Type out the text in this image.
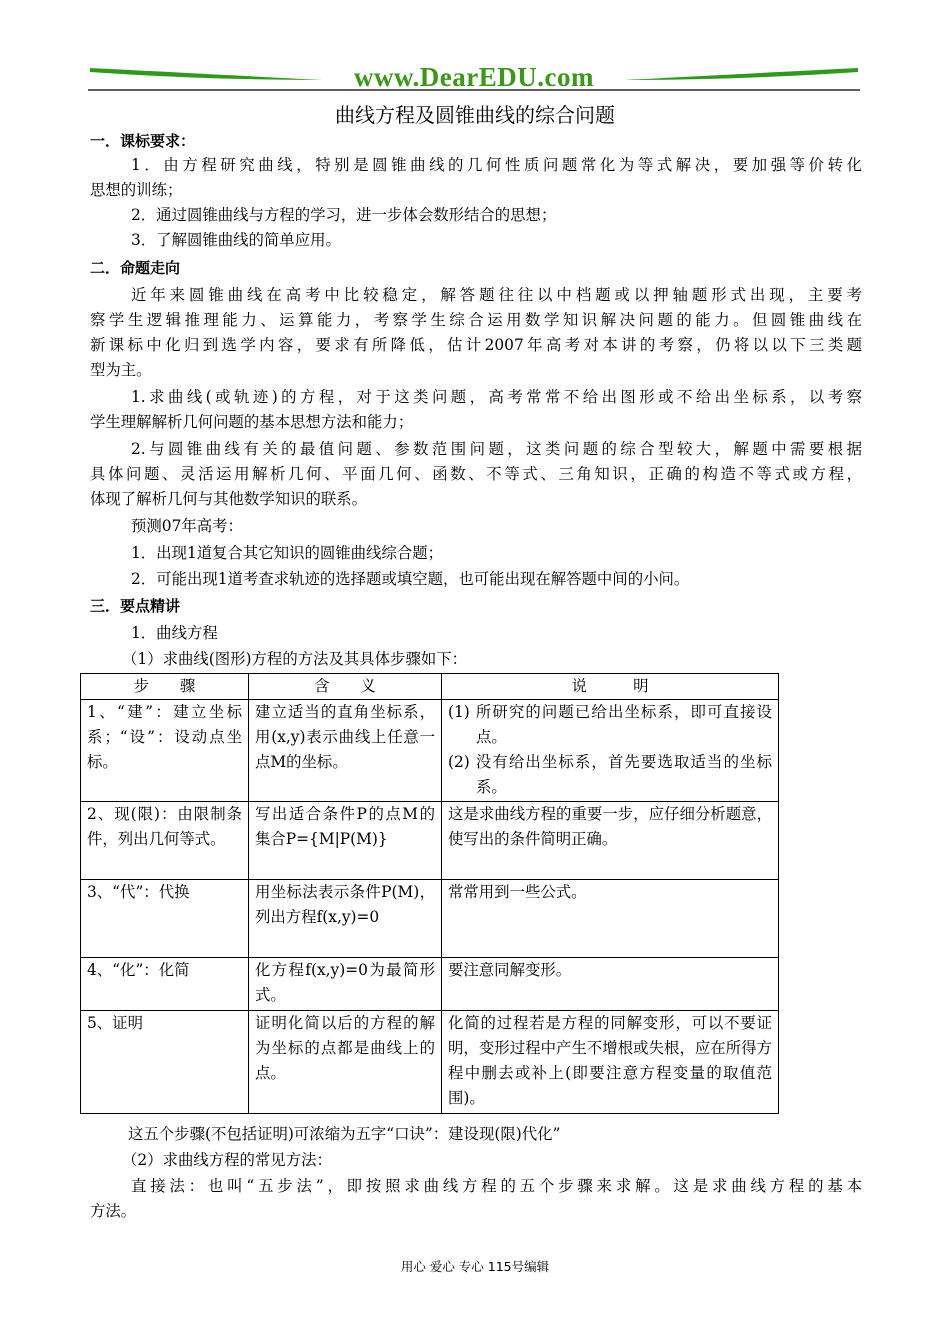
www.DearEDU.com
曲线方程及圆锥曲线的综合问题

一．课标要求：

1．由方程研究曲线，特别是圆锥曲线的几何性质问题常化为等式解决，要加强等价转化

思想的训练；

2．通过圆锥曲线与方程的学习，进一步体会数形结合的思想；

3．了解圆锥曲线的简单应用。

二．命题走向

近年来圆锥曲线在高考中比较稳定，解答题往往以中档题或以押轴题形式出现，主要考

察学生逻辑推理能力、运算能力，考察学生综合运用数学知识解决问题的能力。但圆锥曲线在

新课标中化归到选学内容，要求有所降低，估计2007年高考对本讲的考察，仍将以以下三类题

型为主。

1.求曲线(或轨迹)的方程，对于这类问题，高考常常不给出图形或不给出坐标系，以考察

学生理解解析几何问题的基本思想方法和能力；

2.与圆锥曲线有关的最值问题、参数范围问题，这类问题的综合型较大，解题中需要根据

具体问题、灵活运用解析几何、平面几何、函数、不等式、三角知识，正确的构造不等式或方程，

体现了解析几何与其他数学知识的联系。

预测07年高考：

1．出现1道复合其它知识的圆锥曲线综合题；

2．可能出现1道考查求轨迹的选择题或填空题，也可能出现在解答题中间的小问。

三．要点精讲

1．曲线方程

（1）求曲线(图形)方程的方法及其具体步骤如下：

步　　骤	含　　义	说　　　明
1、“建”：建立坐标系；“设”：设动点坐标。	建立适当的直角坐标系，用(x,y)表示曲线上任意一点M的坐标。	(1) 所研究的问题已给出坐标系，即可直接设点。
(2) 没有给出坐标系，首先要选取适当的坐标系。

2、现(限)：由限制条件，列出几何等式。	写出适合条件P的点M的集合P={M|P(M)}	这是求曲线方程的重要一步，应仔细分析题意，使写出的条件简明正确。
3、“代”：代换	用坐标法表示条件P(M)，列出方程f(x,y)=0	常常用到一些公式。
4、“化”：化简	化方程f(x,y)=0为最简形式。	要注意同解变形。
5、证明	证明化简以后的方程的解为坐标的点都是曲线上的点。	化简的过程若是方程的同解变形，可以不要证明，变形过程中产生不增根或失根，应在所得方程中删去或补上(即要注意方程变量的取值范围)。

这五个步骤(不包括证明)可浓缩为五字“口诀”：建设现(限)代化”

（2）求曲线方程的常见方法：

直接法：也叫“五步法”，即按照求曲线方程的五个步骤来求解。这是求曲线方程的基本

方法。

用心 爱心 专心 115号编辑
